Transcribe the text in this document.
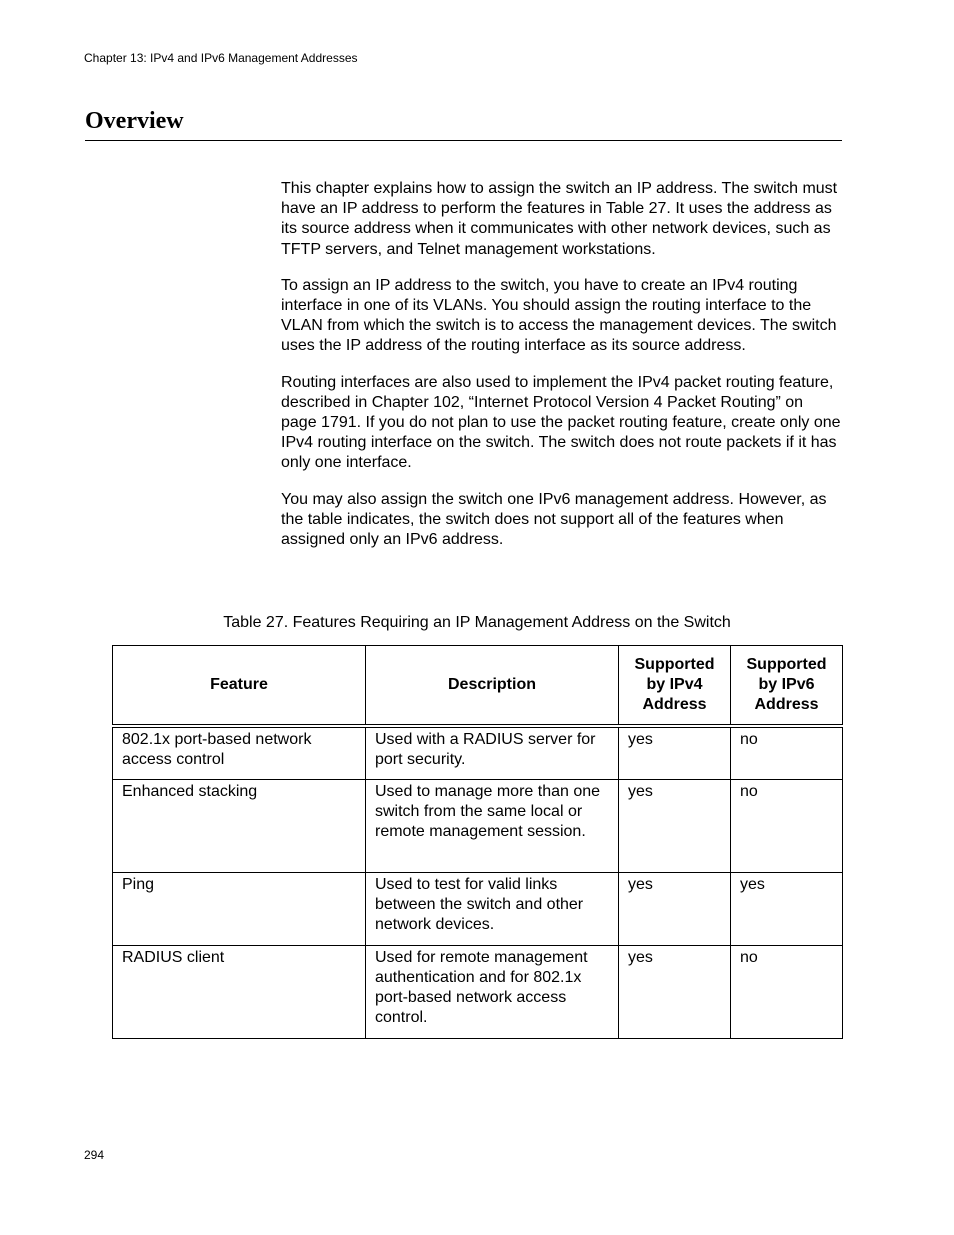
Chapter 13: IPv4 and IPv6 Management Addresses
Overview

This chapter explains how to assign the switch an IP address. The switch must have an IP address to perform the features in Table 27. It uses the address as its source address when it communicates with other network devices, such as TFTP servers, and Telnet management workstations.

To assign an IP address to the switch, you have to create an IPv4 routing interface in one of its VLANs. You should assign the routing interface to the VLAN from which the switch is to access the management devices. The switch uses the IP address of the routing interface as its source address.

Routing interfaces are also used to implement the IPv4 packet routing feature, described in Chapter 102, “Internet Protocol Version 4 Packet Routing” on page 1791. If you do not plan to use the packet routing feature, create only one IPv4 routing interface on the switch. The switch does not route packets if it has only one interface.

You may also assign the switch one IPv6 management address. However, as the table indicates, the switch does not support all of the features when assigned only an IPv6 address.

Table 27. Features Requiring an IP Management Address on the Switch
Feature	Description	Supported by IPv4 Address	Supported by IPv6 Address
802.1x port-based network access control	Used with a RADIUS server for port security.	yes	no
Enhanced stacking	Used to manage more than one switch from the same local or remote management session.	yes	no
Ping	Used to test for valid links between the switch and other network devices.	yes	yes
RADIUS client	Used for remote management authentication and for 802.1x port-based network access control.	yes	no
294
